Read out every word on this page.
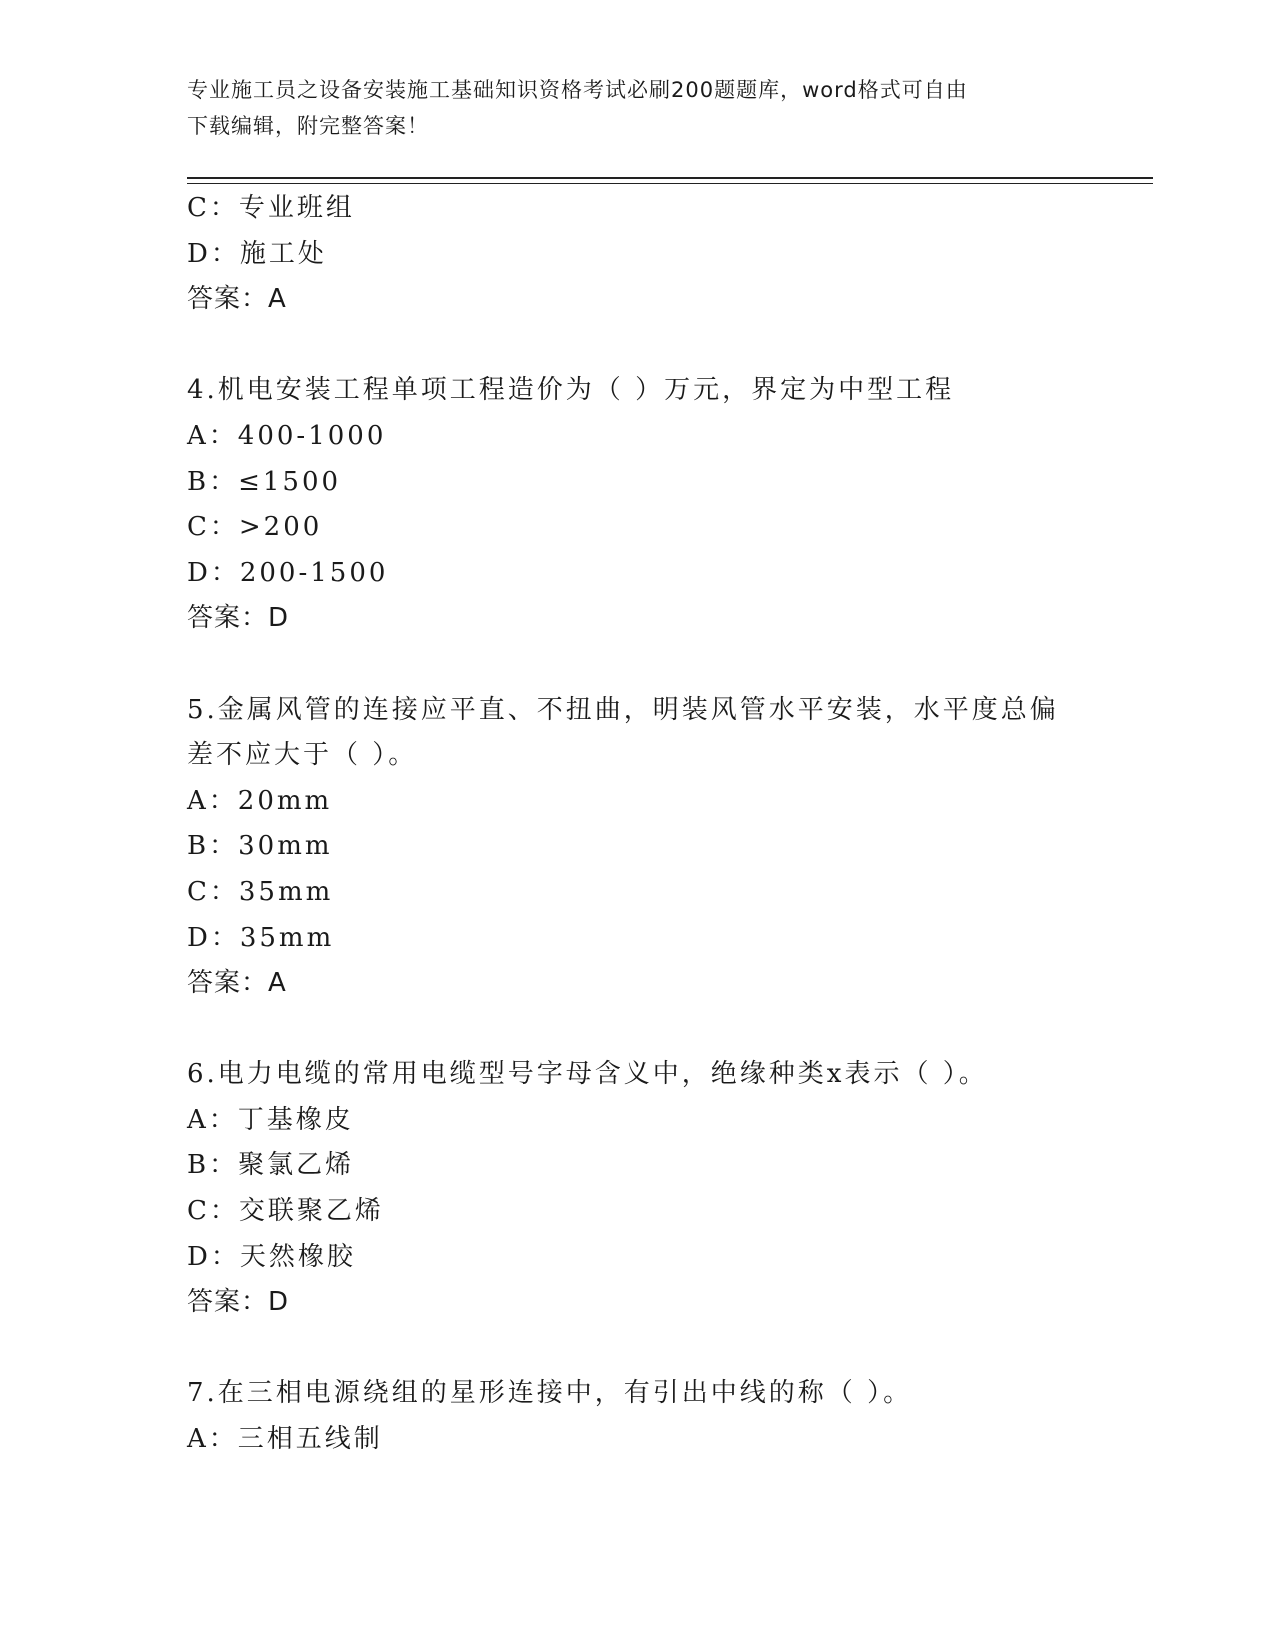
专业施工员之设备安装施工基础知识资格考试必刷200题题库，word格式可自由
下载编辑，附完整答案！
C：专业班组
D：施工处
答案：A
4.机电安装工程单项工程造价为（ ）万元，界定为中型工程
A：400-1000
B：≤1500
C：>200
D：200-1500
答案：D
5.金属风管的连接应平直、不扭曲，明装风管水平安装，水平度总偏
差不应大于（ ）。
A：20mm
B：30mm
C：35mm
D：35mm
答案：A
6.电力电缆的常用电缆型号字母含义中，绝缘种类x表示（ ）。
A：丁基橡皮
B：聚氯乙烯
C：交联聚乙烯
D：天然橡胶
答案：D
7.在三相电源绕组的星形连接中，有引出中线的称（ ）。
A：三相五线制
